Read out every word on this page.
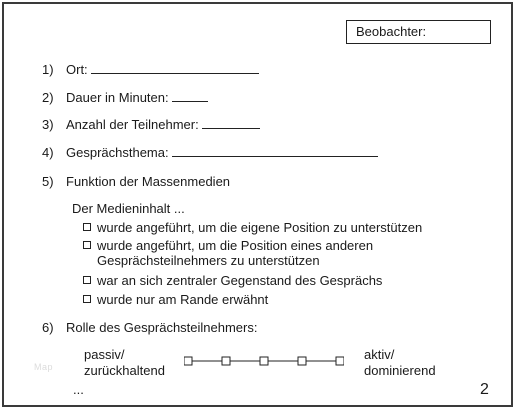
Beobachter:
1) Ort:
2) Dauer in Minuten:
3) Anzahl der Teilnehmer:
4) Gesprächsthema:
5) Funktion der Massenmedien
Der Medieninhalt ...
wurde angeführt, um die eigene Position zu unterstützen
wurde angeführt, um die Position eines anderen
Gesprächsteilnehmers zu unterstützen
war an sich zentraler Gegenstand des Gesprächs
wurde nur am Rande erwähnt
6) Rolle des Gesprächsteilnehmers:
Map
passiv/
zurückhaltend
aktiv/
dominierend
...	2
